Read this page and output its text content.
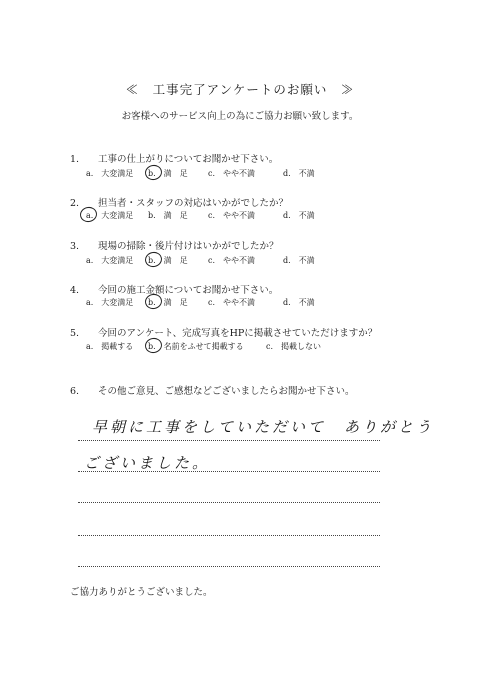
≪　工事完了アンケートのお願い　≫
お客様へのサービス向上の為にご協力お願い致します。
1. 工事の仕上がりについてお聞かせ下さい。
a.　大変満足 b.　満　足	c.　やや不満	d.　不満
2. 担当者・スタッフの対応はいかがでしたか？
a.　大変満足 b.　満　足	c.　やや不満	d.　不満
3. 現場の掃除・後片付けはいかがでしたか？
a.　大変満足 b.　満　足	c.　やや不満	d.　不満
4. 今回の施工金額についてお聞かせ下さい。
a.　大変満足 b.　満　足	c.　やや不満	d.　不満
5. 今回のアンケート、完成写真をHPに掲載させていただけますか？
a.　掲載する b.　名前をふせて掲載する	c.　掲載しない
6. その他ご意見、ご感想などございましたらお聞かせ下さい。
早朝に工事をしていただいて　ありがとう
ございました。
ご協力ありがとうございました。
